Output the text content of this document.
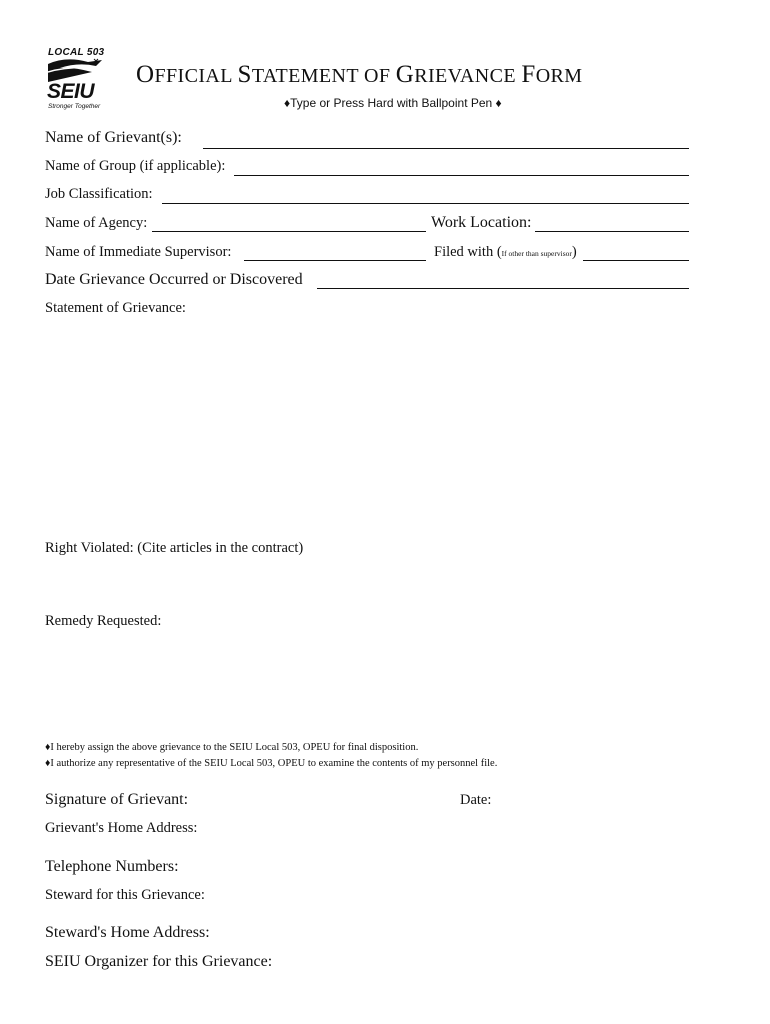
LOCAL 503
SEIU
Stronger Together
OFFICIAL STATEMENT OF GRIEVANCE FORM
♦Type or Press Hard with Ballpoint Pen ♦
Name of Grievant(s):
Name of Group (if applicable):
Job Classification:
Name of Agency:	Work Location:
Name of Immediate Supervisor:	Filed with (If other than supervisor)
Date Grievance Occurred or Discovered
Statement of Grievance:
Right Violated: (Cite articles in the contract)
Remedy Requested:
♦I hereby assign the above grievance to the SEIU Local 503, OPEU for final disposition.
♦I authorize any representative of the SEIU Local 503, OPEU to examine the contents of my personnel file.
Signature of Grievant:	Date:
Grievant's Home Address:
Telephone Numbers:
Steward for this Grievance:
Steward's Home Address:
SEIU Organizer for this Grievance:
